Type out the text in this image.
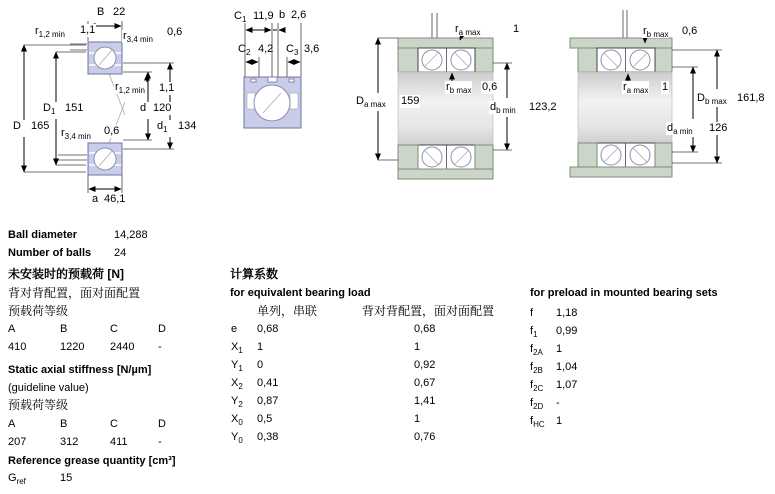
B 22
$r_{1,2 min}$ 1,1	$r_{3,4 min}$
0,6
$D_1$ 151
D 165
$r_{1,2 min}$ 1,1
d 120
$d_1$ 134
$r_{3,4 min}$ 0,6
a 46,1
$C_1$ 11,9 b 2,6
$C_2$ 4,2 $C_3$ 3,6
$r_{a max}$	1
$D_{a max}$ 159
$r_{b max}$ 0,6
$d_{b min}$ 123,2
$r_{b max}$ 0,6
$r_{a max}$ 1
$D_{b max}$ 161,8
$d_{a min}$ 126
Ball diameter	14,288
Number of balls 24
未安装时的预载荷 [N]
背对背配置，面对面配置
预载荷等级
A	B	C	D
410	1220 2440 -
Static axial stiffness [N/µm]
(guideline value)
预载荷等级
A	B	C	D
207	312	411	-
Reference grease quantity [cm³]
$G_{ref}$	15
计算系数
for equivalent bearing load
单列，串联	背对背配置，面对面配置
e 0,68	0,68
$X_1$ 1	1
$Y_1$ 0	0,92
$X_2$ 0,41	0,67
$Y_2$ 0,87	1,41
$X_0$ 0,5	1
$Y_0$ 0,38	0,76
for preload in mounted bearing sets
f 1,18
$f_1$ 0,99
$f_{2A}$ 1
$f_{2B}$ 1,04
$f_{2C}$ 1,07
$f_{2D}$ -
$f_{HC}$ 1
